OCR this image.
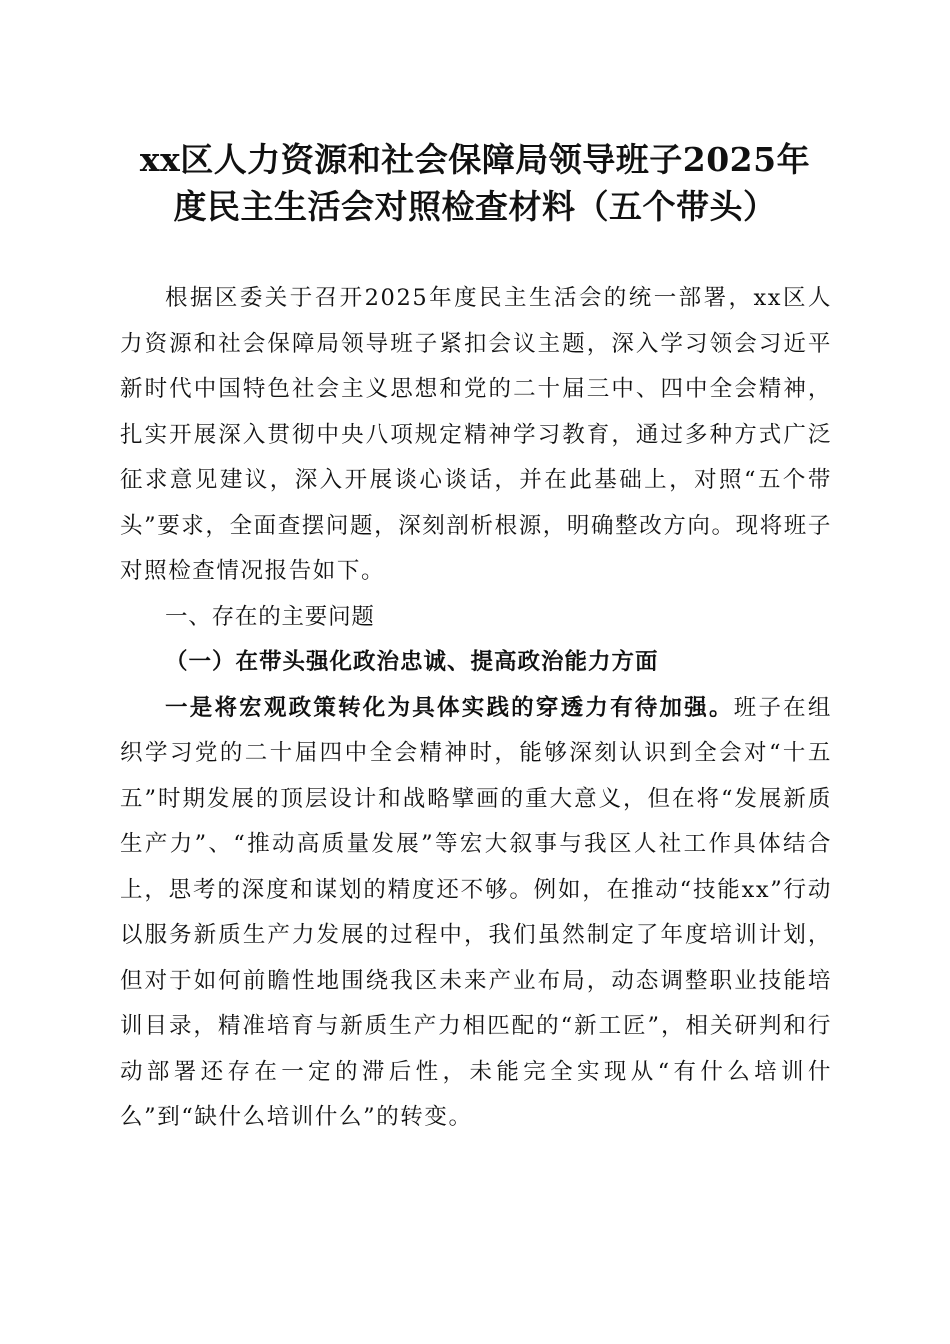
xx区人力资源和社会保障局领导班子2025年
度民主生活会对照检查材料（五个带头）

根据区委关于召开2025年度民主生活会的统一部署，xx区人力资源和社会保障局领导班子紧扣会议主题，深入学习领会习近平新时代中国特色社会主义思想和党的二十届三中、四中全会精神，扎实开展深入贯彻中央八项规定精神学习教育，通过多种方式广泛征求意见建议，深入开展谈心谈话，并在此基础上，对照“五个带头”要求，全面查摆问题，深刻剖析根源，明确整改方向。现将班子对照检查情况报告如下。

一、存在的主要问题

（一）在带头强化政治忠诚、提高政治能力方面

一是将宏观政策转化为具体实践的穿透力有待加强。班子在组织学习党的二十届四中全会精神时，能够深刻认识到全会对“十五五”时期发展的顶层设计和战略擘画的重大意义，但在将“发展新质生产力”、“推动高质量发展”等宏大叙事与我区人社工作具体结合上，思考的深度和谋划的精度还不够。例如，在推动“技能xx”行动以服务新质生产力发展的过程中，我们虽然制定了年度培训计划，但对于如何前瞻性地围绕我区未来产业布局，动态调整职业技能培训目录，精准培育与新质生产力相匹配的“新工匠”，相关研判和行动部署还存在一定的滞后性，未能完全实现从“有什么培训什么”到“缺什么培训什么”的转变。
